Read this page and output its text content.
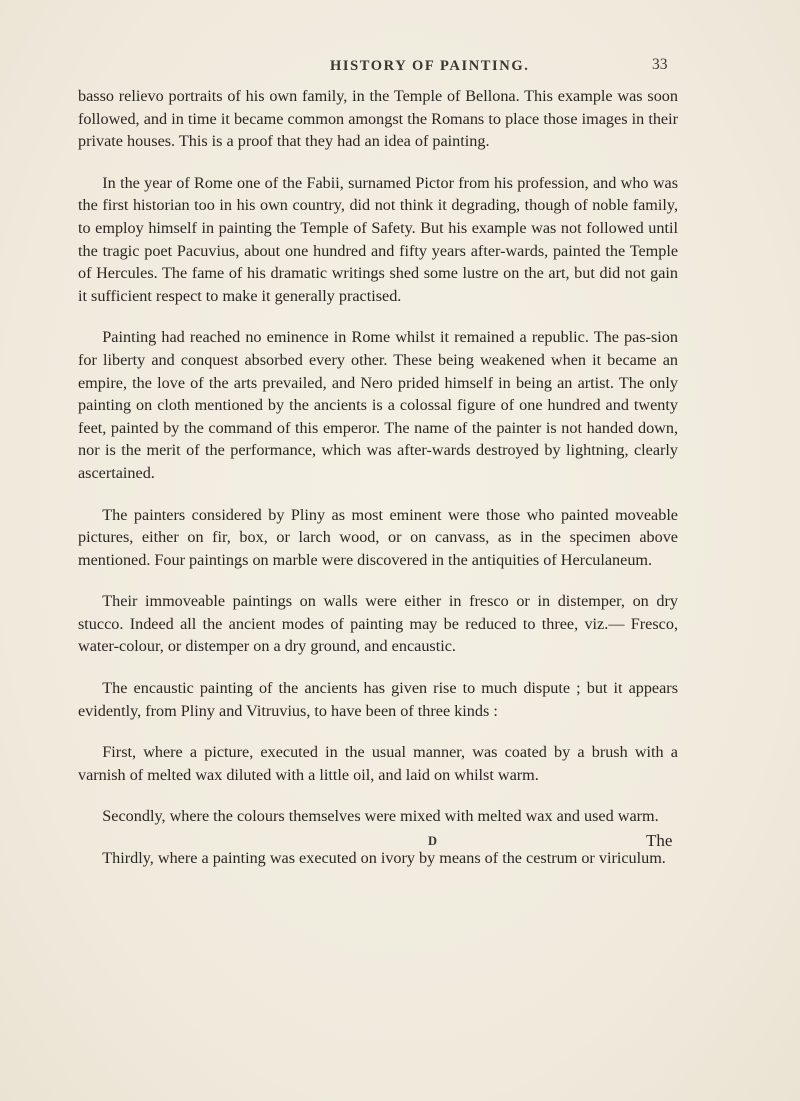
HISTORY OF PAINTING.	33

basso relievo portraits of his own family, in the Temple of Bellona. This example was soon followed, and in time it became common amongst the Romans to place those images in their private houses. This is a proof that they had an idea of painting.

In the year of Rome one of the Fabii, surnamed Pictor from his profession, and who was the first historian too in his own country, did not think it degrading, though of noble family, to employ himself in painting the Temple of Safety. But his example was not followed until the tragic poet Pacuvius, about one hundred and fifty years after-wards, painted the Temple of Hercules. The fame of his dramatic writings shed some lustre on the art, but did not gain it sufficient respect to make it generally practised.

Painting had reached no eminence in Rome whilst it remained a republic. The pas-sion for liberty and conquest absorbed every other. These being weakened when it became an empire, the love of the arts prevailed, and Nero prided himself in being an artist. The only painting on cloth mentioned by the ancients is a colossal figure of one hundred and twenty feet, painted by the command of this emperor. The name of the painter is not handed down, nor is the merit of the performance, which was after-wards destroyed by lightning, clearly ascertained.

The painters considered by Pliny as most eminent were those who painted moveable pictures, either on fir, box, or larch wood, or on canvass, as in the specimen above mentioned. Four paintings on marble were discovered in the antiquities of Herculaneum.

Their immoveable paintings on walls were either in fresco or in distemper, on dry stucco. Indeed all the ancient modes of painting may be reduced to three, viz.— Fresco, water-colour, or distemper on a dry ground, and encaustic.

The encaustic painting of the ancients has given rise to much dispute ; but it appears evidently, from Pliny and Vitruvius, to have been of three kinds :

First, where a picture, executed in the usual manner, was coated by a brush with a varnish of melted wax diluted with a little oil, and laid on whilst warm.

Secondly, where the colours themselves were mixed with melted wax and used warm.

Thirdly, where a painting was executed on ivory by means of the cestrum or viriculum.

D	The
